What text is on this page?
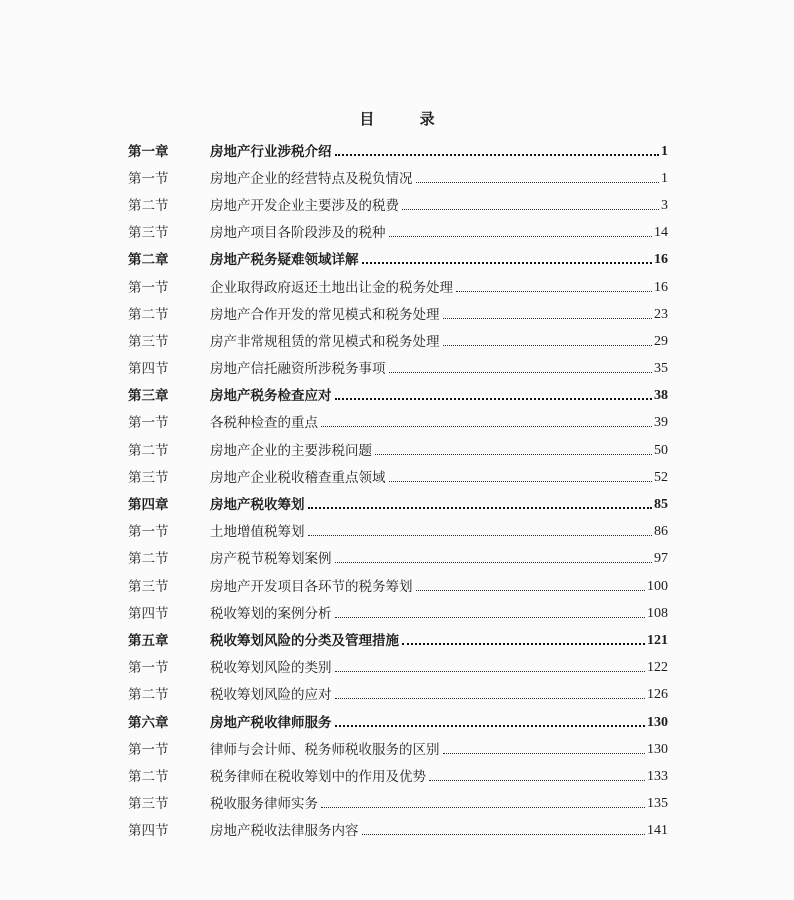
目 录
第一章	房地产行业涉税介绍	1
第一节	房地产企业的经营特点及税负情况	1
第二节	房地产开发企业主要涉及的税费	3
第三节	房地产项目各阶段涉及的税种	14
第二章	房地产税务疑难领域详解	16
第一节	企业取得政府返还土地出让金的税务处理	16
第二节	房地产合作开发的常见模式和税务处理	23
第三节	房产非常规租赁的常见模式和税务处理	29
第四节	房地产信托融资所涉税务事项	35
第三章	房地产税务检查应对	38
第一节	各税种检查的重点	39
第二节	房地产企业的主要涉税问题	50
第三节	房地产企业税收稽查重点领域	52
第四章	房地产税收筹划	85
第一节	土地增值税筹划	86
第二节	房产税节税筹划案例	97
第三节	房地产开发项目各环节的税务筹划	100
第四节	税收筹划的案例分析	108
第五章	税收筹划风险的分类及管理措施	121
第一节	税收筹划风险的类别	122
第二节	税收筹划风险的应对	126
第六章	房地产税收律师服务	130
第一节	律师与会计师、税务师税收服务的区别	130
第二节	税务律师在税收筹划中的作用及优势	133
第三节	税收服务律师实务	135
第四节	房地产税收法律服务内容	141
